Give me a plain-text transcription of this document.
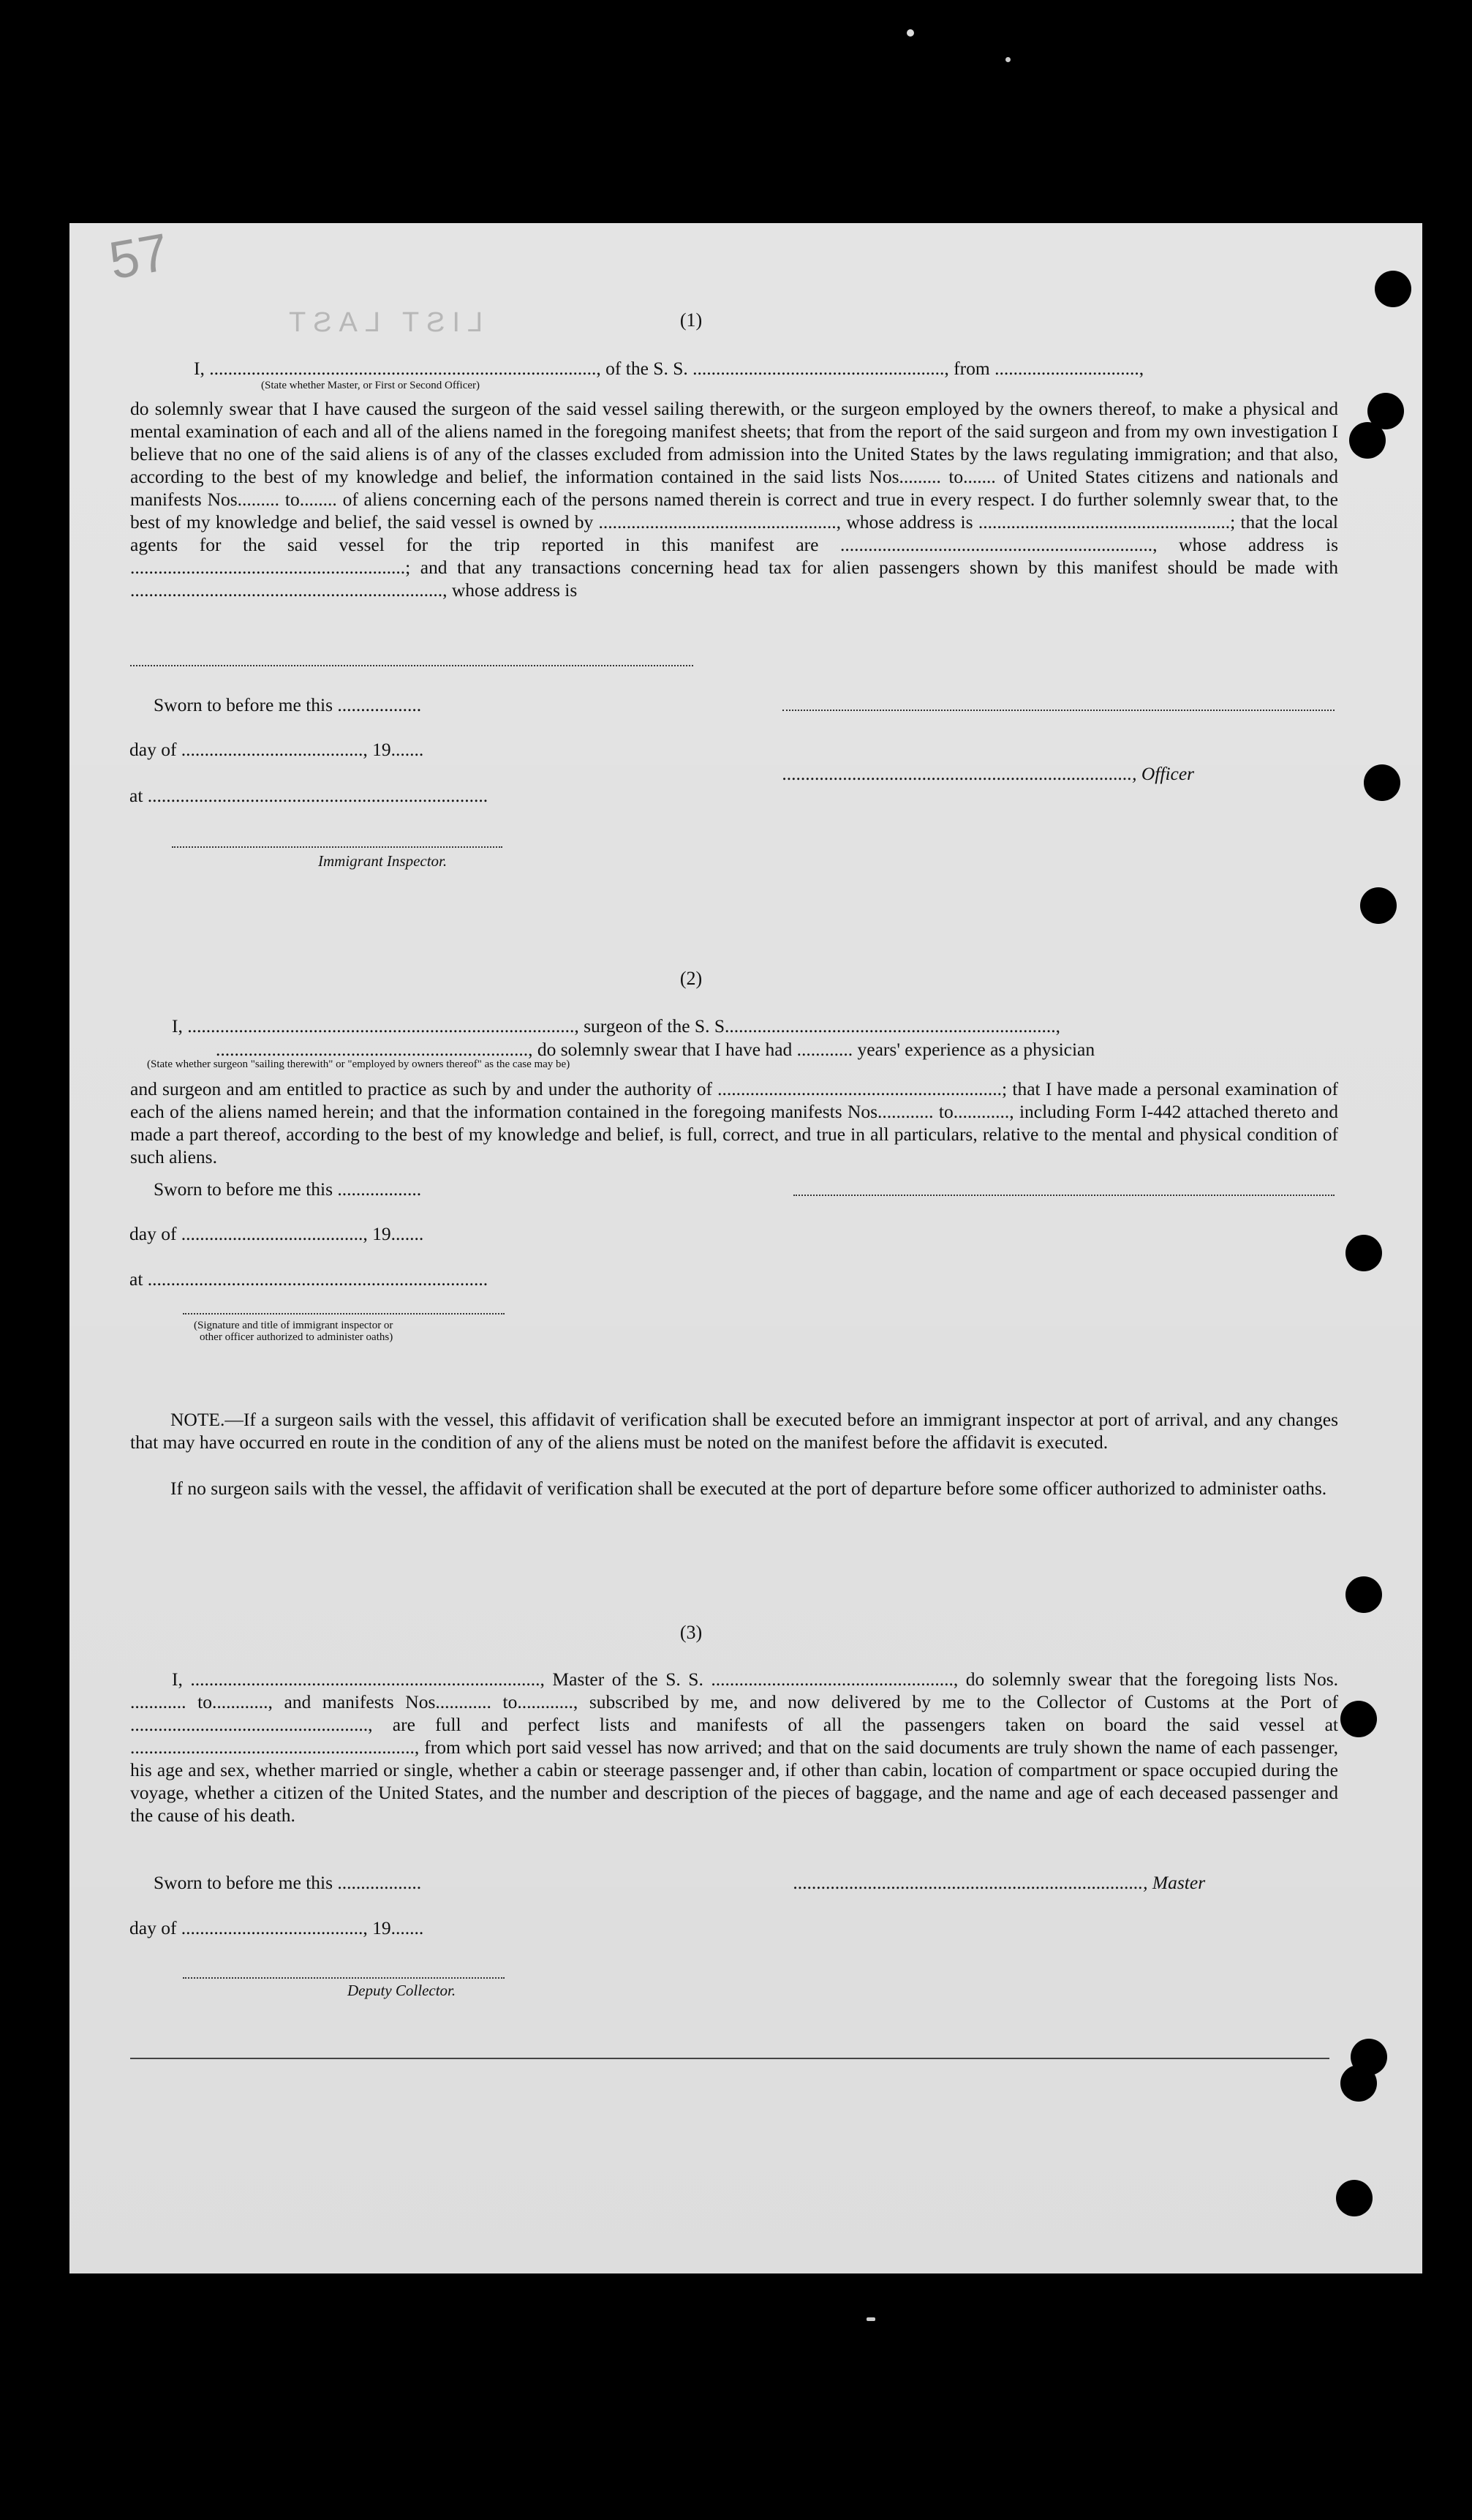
57
LIST LAST	(1)
I, ..................................................................................., of the S. S. ......................................................, from ...............................,
(State whether Master, or First or Second Officer)
do solemnly swear that I have caused the surgeon of the said vessel sailing therewith, or the surgeon employed by the owners thereof, to make a physical and mental examination of each and all of the aliens named in the foregoing manifest sheets; that from the report of the said surgeon and from my own investigation I believe that no one of the said aliens is of any of the classes excluded from admission into the United States by the laws regulating immigration; and that also, according to the best of my knowledge and belief, the information contained in the said lists Nos......... to....... of United States citizens and nationals and manifests Nos......... to........ of aliens concerning each of the persons named therein is correct and true in every respect. I do further solemnly swear that, to the best of my knowledge and belief, the said vessel is owned by ..................................................., whose address is ......................................................; that the local agents for the said vessel for the trip reported in this manifest are ..................................................................., whose address is ...........................................................; and that any transactions concerning head tax for alien passengers shown by this manifest should be made with ..................................................................., whose address is
Sworn to before me this ..................
day of ......................................., 19.......
..........................................................................., Officer
at .........................................................................
Immigrant Inspector.
(2)
I, ..................................................................................., surgeon of the S. S.......................................................................,
..................................................................., do solemnly swear that I have had ............ years' experience as a physician
(State whether surgeon "sailing therewith" or "employed by owners thereof" as the case may be)
and surgeon and am entitled to practice as such by and under the authority of .............................................................; that I have made a personal examination of each of the aliens named herein; and that the information contained in the foregoing manifests Nos............ to............, including Form I-442 attached thereto and made a part thereof, according to the best of my knowledge and belief, is full, correct, and true in all particulars, relative to the mental and physical condition of such aliens.
Sworn to before me this ..................
day of ......................................., 19.......
at .........................................................................
(Signature and title of immigrant inspector or
other officer authorized to administer oaths)
NOTE.—If a surgeon sails with the vessel, this affidavit of verification shall be executed before an immigrant inspector at port of arrival, and any changes that may have occurred en route in the condition of any of the aliens must be noted on the manifest before the affidavit is executed.
If no surgeon sails with the vessel, the affidavit of verification shall be executed at the port of departure before some officer authorized to administer oaths.
(3)
I, ..........................................................................., Master of the S. S. ...................................................., do solemnly swear that the foregoing lists Nos. ............ to............, and manifests Nos............ to............, subscribed by me, and now delivered by me to the Collector of Customs at the Port of ..................................................., are full and perfect lists and manifests of all the passengers taken on board the said vessel at ............................................................., from which port said vessel has now arrived; and that on the said documents are truly shown the name of each passenger, his age and sex, whether married or single, whether a cabin or steerage passenger and, if other than cabin, location of compartment or space occupied during the voyage, whether a citizen of the United States, and the number and description of the pieces of baggage, and the name and age of each deceased passenger and the cause of his death.
Sworn to before me this ..................	..........................................................................., Master
day of ......................................., 19.......
Deputy Collector.
